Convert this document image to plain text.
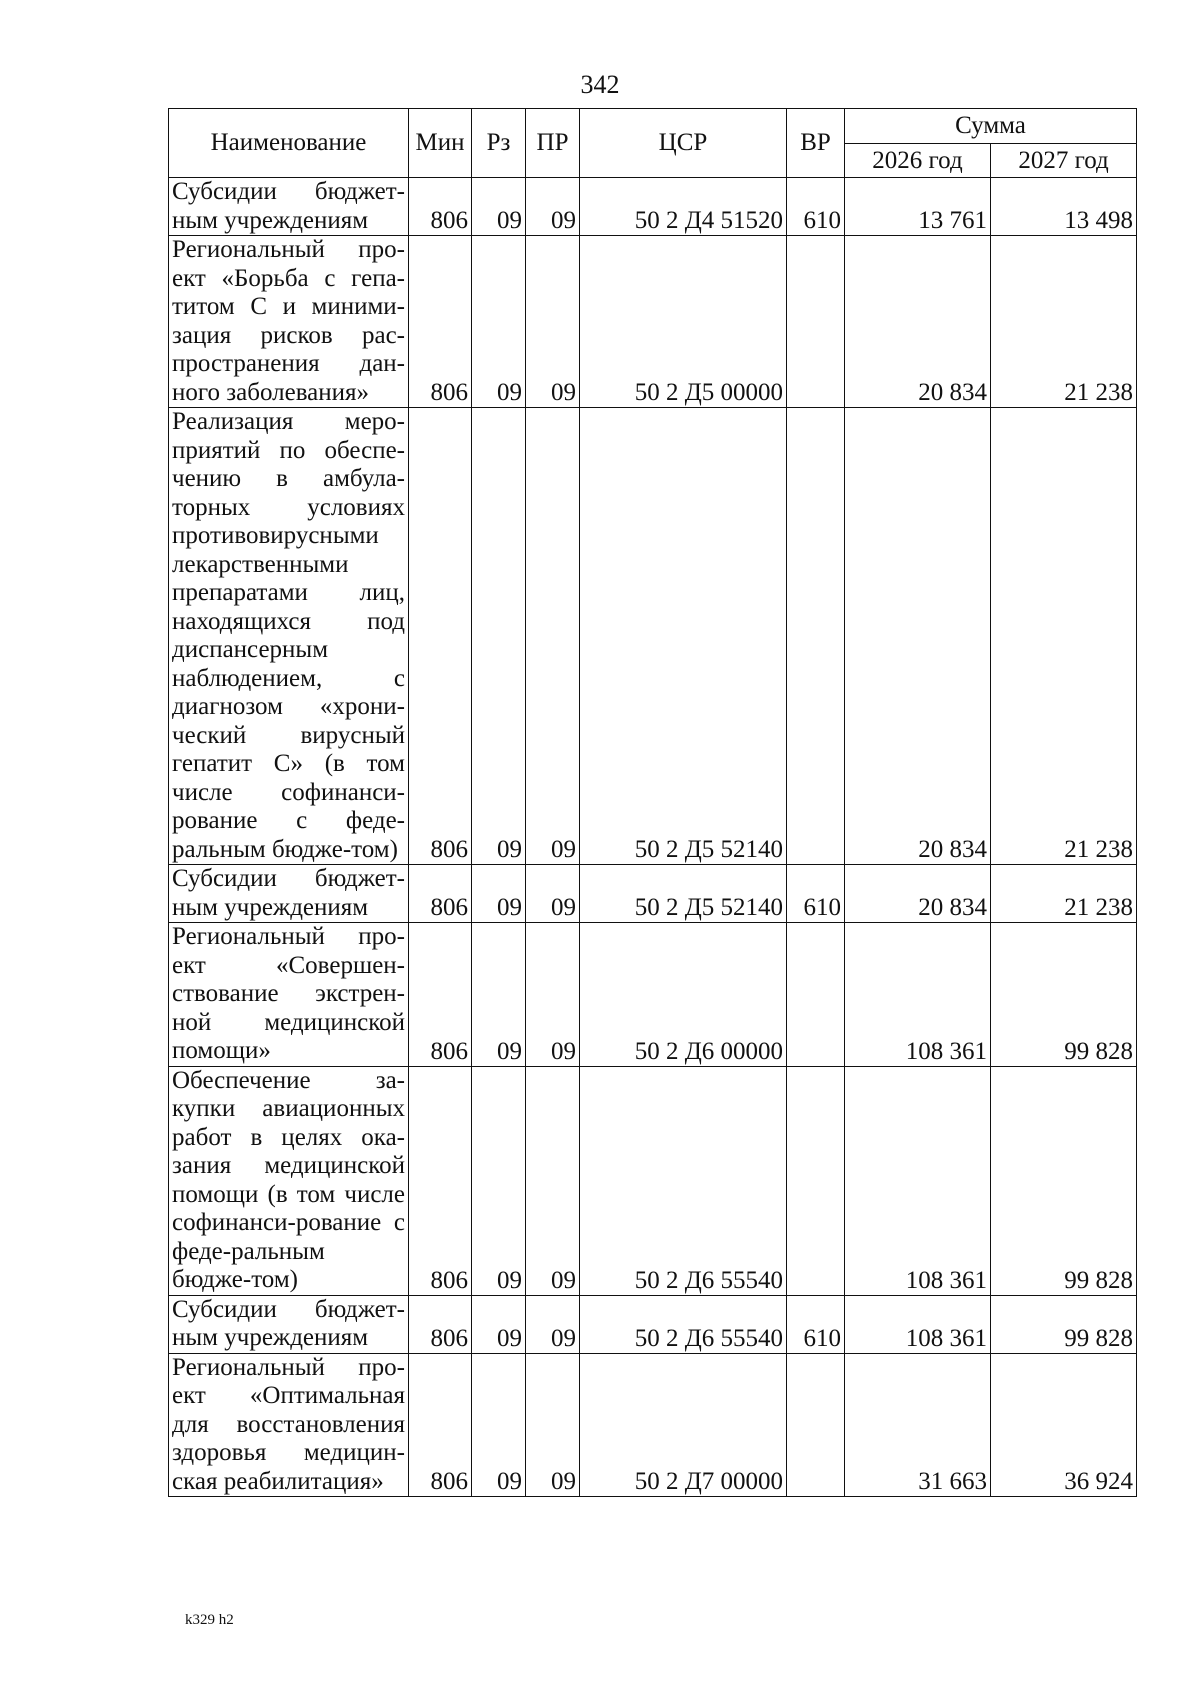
342
Наименование	Мин	Рз	ПР	ЦСР	ВР	Сумма	
						2026 год	2027 год
Субсидии бюджет-ным учреждениям	806	09	09	50 2 Д4 51520	610	13 761	13 498
Региональный про-ект «Борьба с гепа-титом С и миними-зация рисков рас-пространения дан-ного заболевания»	806	09	09	50 2 Д5 00000		20 834	21 238
Реализация меро-приятий по обеспе-чению в амбула-торных условиях противовирусными лекарственными препаратами лиц, находящихся под диспансерным наблюдением, с диагнозом «хрони-ческий вирусный гепатит С» (в том числе софинанси-рование с феде-ральным бюдже-том)	806	09	09	50 2 Д5 52140		20 834	21 238
Субсидии бюджет-ным учреждениям	806	09	09	50 2 Д5 52140	610	20 834	21 238
Региональный про-ект «Совершен-ствование экстрен-ной медицинской помощи»	806	09	09	50 2 Д6 00000		108 361	99 828
Обеспечение за-купки авиационных работ в целях ока-зания медицинской помощи (в том числе софинанси-рование с феде-ральным бюдже-том)	806	09	09	50 2 Д6 55540		108 361	99 828
Субсидии бюджет-ным учреждениям	806	09	09	50 2 Д6 55540	610	108 361	99 828
Региональный про-ект «Оптимальная для восстановления здоровья медицин-ская реабилитация»	806	09	09	50 2 Д7 00000		31 663	36 924
k329 h2
